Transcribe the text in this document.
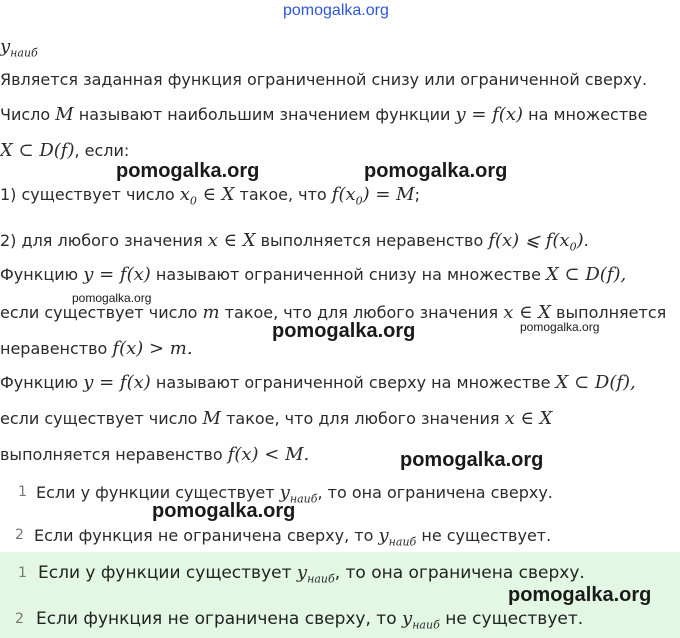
pomogalka.org
$y_{наиб}$
Является заданная функция ограниченной снизу или ограниченной сверху.
Число M называют наибольшим значением функции y = f(x) на множестве
X ⊂ D(f), если:
1) существует число $x_0$ ∈ X такое, что $f(x_0) = M$;
2) для любого значения x ∈ X выполняется неравенство f(x) ⩽ $f(x_0)$.
Функцию y = f(x) называют ограниченной снизу на множестве X ⊂ D(f),
если существует число m такое, что для любого значения x ∈ X выполняется
неравенство f(x) > m.
Функцию y = f(x) называют ограниченной сверху на множестве X ⊂ D(f),
если существует число M такое, что для любого значения x ∈ X
выполняется неравенство f(x) < M.
1 Если у функции существует $y_{наиб}$, то она ограничена сверху.
2 Если функция не ограничена сверху, то $y_{наиб}$ не существует.
1 Если у функции существует $y_{наиб}$, то она ограничена сверху.
2 Если функция не ограничена сверху, то $y_{наиб}$ не существует.
pomogalka.org	pomogalka.org
pomogalka.org
pomogalka.org	pomogalka.org
pomogalka.org
pomogalka.org
pomogalka.org
